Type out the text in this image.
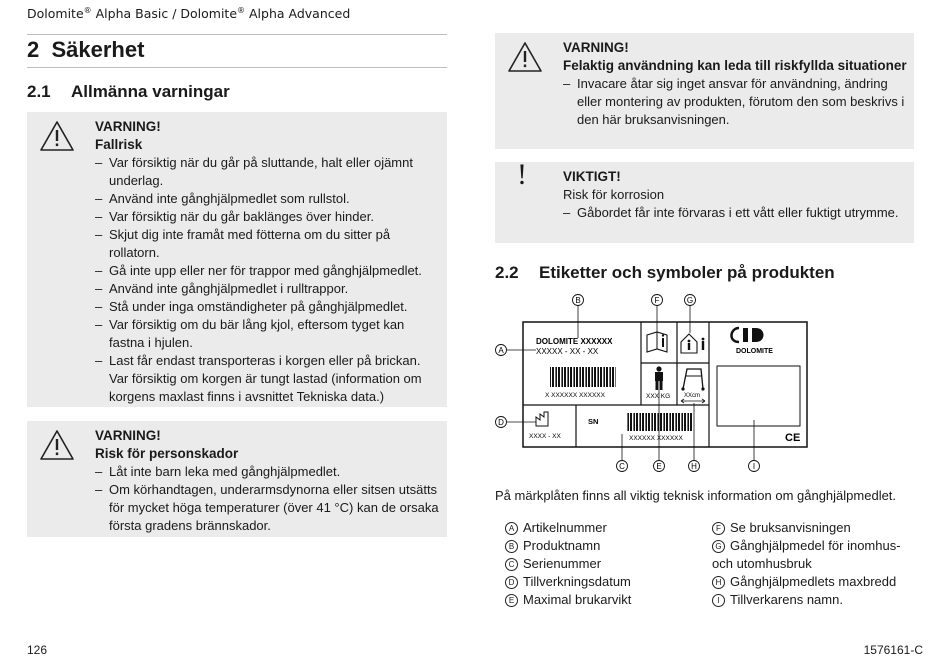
Dolomite® Alpha Basic / Dolomite® Alpha Advanced
2 Säkerhet
2.1 Allmänna varningar
VARNING!
Fallrisk
– Var försiktig när du går på sluttande, halt eller ojämnt underlag.
– Använd inte gånghjälpmedlet som rullstol.
– Var försiktig när du går baklänges över hinder.
– Skjut dig inte framåt med fötterna om du sitter på rollatorn.
– Gå inte upp eller ner för trappor med gånghjälpmedlet.
– Använd inte gånghjälpmedlet i rulltrappor.
– Stå under inga omständigheter på gånghjälpmedlet.
– Var försiktig om du bär lång kjol, eftersom tyget kan fastna i hjulen.
– Last får endast transporteras i korgen eller på brickan. Var försiktig om korgen är tungt lastad (information om korgens maxlast finns i avsnittet Tekniska data.)
VARNING!
Risk för personskador
– Låt inte barn leka med gånghjälpmedlet.
– Om körhandtagen, underarmsdynorna eller sitsen utsätts för mycket höga temperaturer (över 41 °C) kan de orsaka första gradens brännskador.
VARNING!
Felaktig användning kan leda till riskfyllda situationer
– Invacare åtar sig inget ansvar för användning, ändring eller montering av produkten, förutom den som beskrivs i den här bruksanvisningen.
!	VIKTIGT!
Risk för korrosion
– Gåbordet får inte förvaras i ett vått eller fuktigt utrymme.
2.2 Etiketter och symboler på produkten
DOLOMITE XXXXXX
XXXXX - XX - XX
X XXXXXX XXXXXX	XXX KG XXcm
DOLOMITE
CE
XXXX - XX
SN
XXXXXX XXXXXX
B	F	G
A
D
C	E	H	I
På märkplåten finns all viktig teknisk information om gånghjälpmedlet.
A Artikelnummer
B Produktnamn
C Serienummer
D Tillverkningsdatum
E Maximal brukarvikt
F Se bruksanvisningen
G Gånghjälpmedel för inomhus- och utomhusbruk
H Gånghjälpmedlets maxbredd
I Tillverkarens namn.
126	1576161-C
